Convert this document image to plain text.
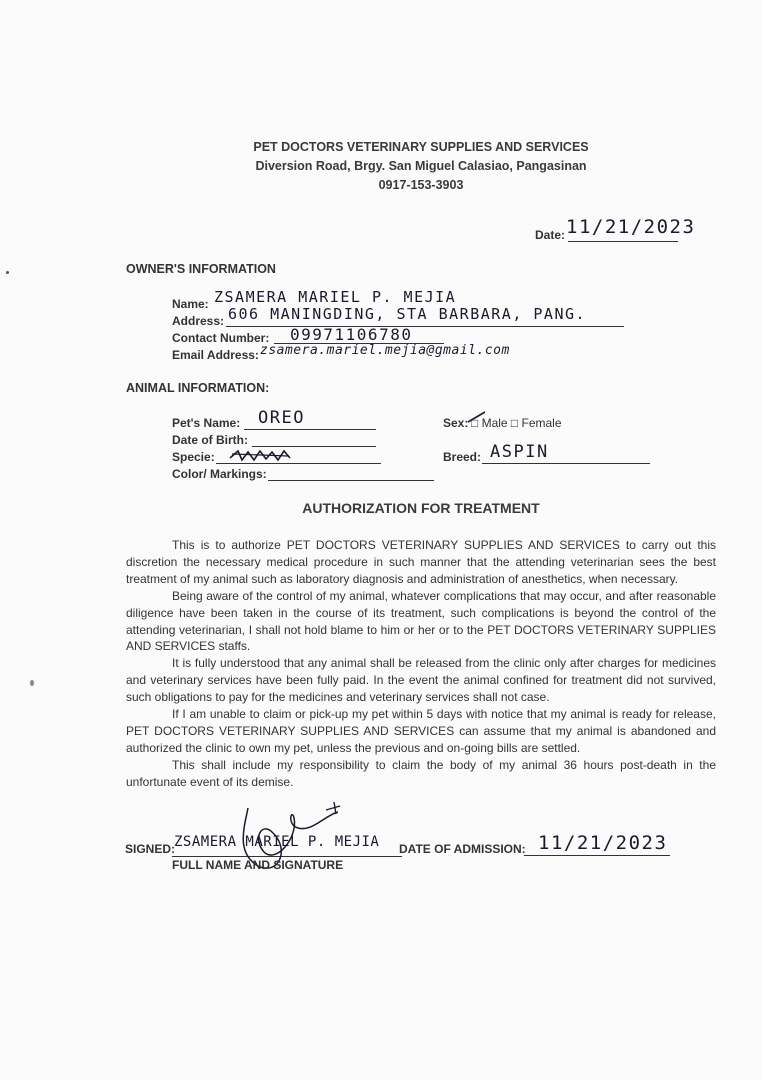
PET DOCTORS VETERINARY SUPPLIES AND SERVICES
Diversion Road, Brgy. San Miguel Calasiao, Pangasinan
0917-153-3903
Date: 11/21/2023
OWNER'S INFORMATION
Name: ZSAMERA MARIEL P. MEJIA
Address: 606 MANINGDING, STA BARBARA, PANG.
Contact Number: 09971106780
Email Address: zsamera.mariel.mejia@gmail.com
ANIMAL INFORMATION:
Pet's Name: OREO
Date of Birth:
Specie:
Color/ Markings:
Sex: □ Male □ Female
Breed: ASPIN
AUTHORIZATION FOR TREATMENT

This is to authorize PET DOCTORS VETERINARY SUPPLIES AND SERVICES to carry out this discretion the necessary medical procedure in such manner that the attending veterinarian sees the best treatment of my animal such as laboratory diagnosis and administration of anesthetics, when necessary.

Being aware of the control of my animal, whatever complications that may occur, and after reasonable diligence have been taken in the course of its treatment, such complications is beyond the control of the attending veterinarian, I shall not hold blame to him or her or to the PET DOCTORS VETERINARY SUPPLIES AND SERVICES staffs.

It is fully understood that any animal shall be released from the clinic only after charges for medicines and veterinary services have been fully paid. In the event the animal confined for treatment did not survived, such obligations to pay for the medicines and veterinary services shall not case.

If I am unable to claim or pick-up my pet within 5 days with notice that my animal is ready for release, PET DOCTORS VETERINARY SUPPLIES AND SERVICES can assume that my animal is abandoned and authorized the clinic to own my pet, unless the previous and on-going bills are settled.

This shall include my responsibility to claim the body of my animal 36 hours post-death in the unfortunate event of its demise.

SIGNED:
ZSAMERA MARIEL P. MEJIA
FULL NAME AND SIGNATURE
DATE OF ADMISSION: 11/21/2023
